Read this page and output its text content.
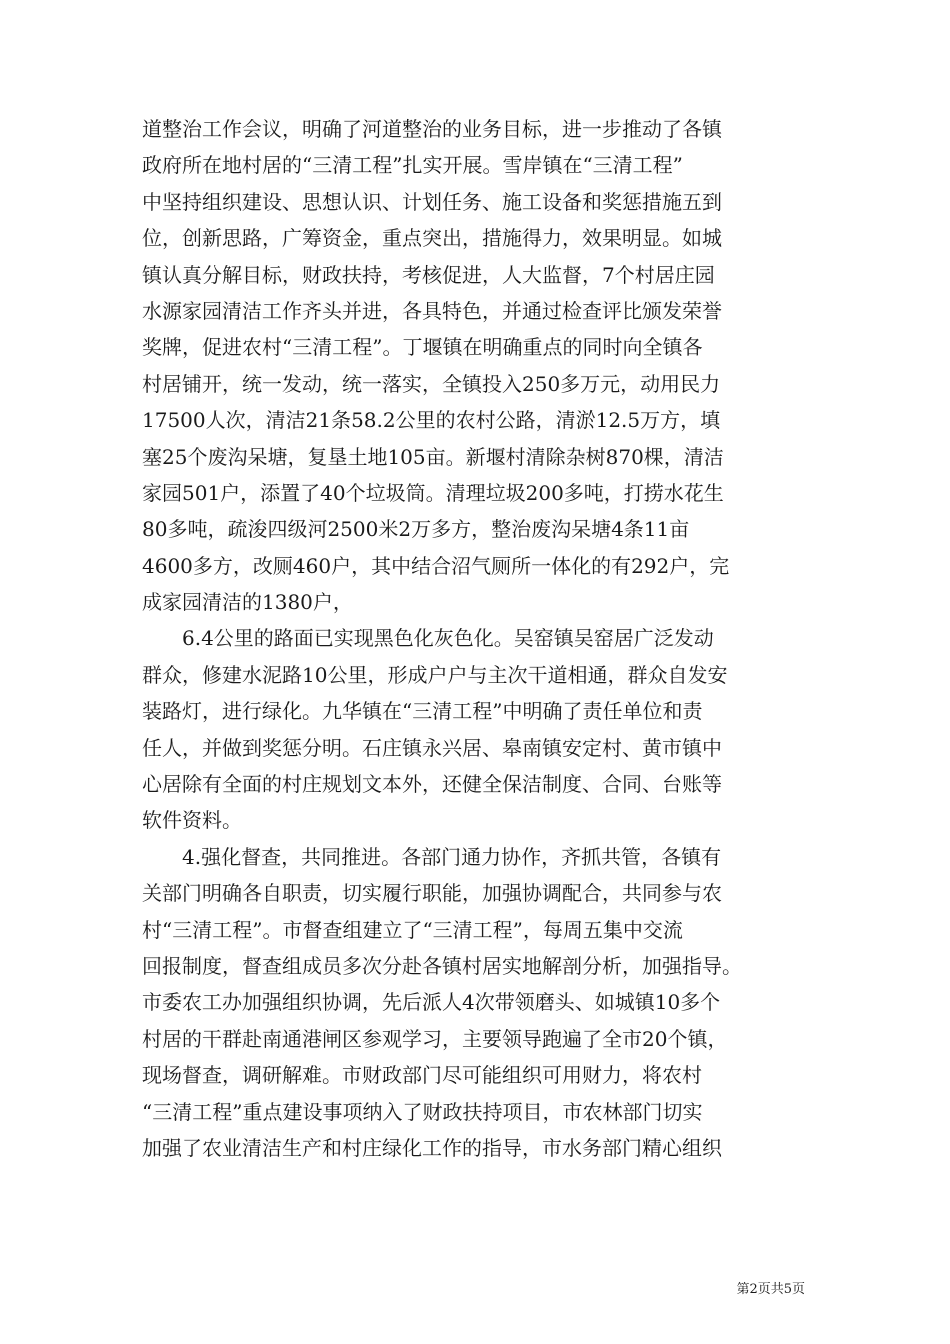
道整治工作会议，明确了河道整治的业务目标，进一步推动了各镇
政府所在地村居的“三清工程”扎实开展。雪岸镇在“三清工程”
中坚持组织建设、思想认识、计划任务、施工设备和奖惩措施五到
位，创新思路，广筹资金，重点突出，措施得力，效果明显。如城
镇认真分解目标，财政扶持，考核促进，人大监督，7个村居庄园
水源家园清洁工作齐头并进，各具特色，并通过检查评比颁发荣誉
奖牌，促进农村“三清工程”。丁堰镇在明确重点的同时向全镇各
村居铺开，统一发动，统一落实，全镇投入250多万元，动用民力
17500人次，清洁21条58.2公里的农村公路，清淤12.5万方，填
塞25个废沟呆塘，复垦土地105亩。新堰村清除杂树870棵，清洁
家园501户，添置了40个垃圾筒。清理垃圾200多吨，打捞水花生
80多吨，疏浚四级河2500米2万多方，整治废沟呆塘4条11亩
4600多方，改厕460户，其中结合沼气厕所一体化的有292户，完
成家园清洁的1380户，
　　6.4公里的路面已实现黑色化灰色化。吴窑镇吴窑居广泛发动
群众，修建水泥路10公里，形成户户与主次干道相通，群众自发安
装路灯，进行绿化。九华镇在“三清工程”中明确了责任单位和责
任人，并做到奖惩分明。石庄镇永兴居、皋南镇安定村、黄市镇中
心居除有全面的村庄规划文本外，还健全保洁制度、合同、台账等
软件资料。
　　4.强化督查，共同推进。各部门通力协作，齐抓共管，各镇有
关部门明确各自职责，切实履行职能，加强协调配合，共同参与农
村“三清工程”。市督查组建立了“三清工程”，每周五集中交流
回报制度，督查组成员多次分赴各镇村居实地解剖分析，加强指导。
市委农工办加强组织协调，先后派人4次带领磨头、如城镇10多个
村居的干群赴南通港闸区参观学习，主要领导跑遍了全市20个镇，
现场督查，调研解难。市财政部门尽可能组织可用财力，将农村
“三清工程”重点建设事项纳入了财政扶持项目，市农林部门切实
加强了农业清洁生产和村庄绿化工作的指导，市水务部门精心组织
第2页共5页
